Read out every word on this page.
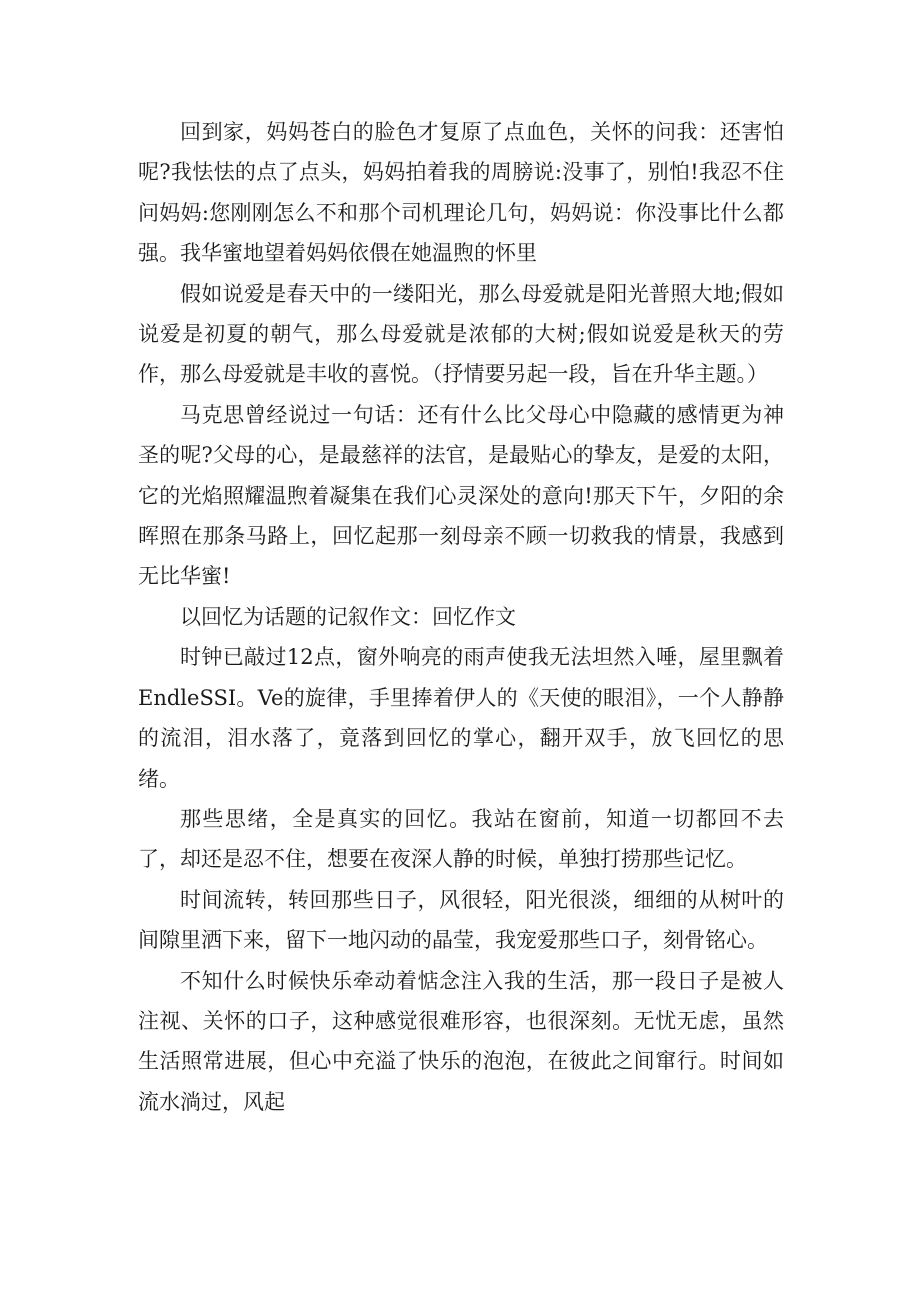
回到家，妈妈苍白的脸色才复原了点血色，关怀的问我：还害怕呢?我怯怯的点了点头，妈妈拍着我的周膀说:没事了，别怕!我忍不住问妈妈:您刚刚怎么不和那个司机理论几句，妈妈说：你没事比什么都强。我华蜜地望着妈妈依偎在她温煦的怀里

假如说爱是春天中的一缕阳光，那么母爱就是阳光普照大地;假如说爱是初夏的朝气，那么母爱就是浓郁的大树;假如说爱是秋天的劳作，那么母爱就是丰收的喜悦。（抒情要另起一段，旨在升华主题。）

马克思曾经说过一句话：还有什么比父母心中隐藏的感情更为神圣的呢?父母的心，是最慈祥的法官，是最贴心的挚友，是爱的太阳，它的光焰照耀温煦着凝集在我们心灵深处的意向!那天下午，夕阳的余晖照在那条马路上，回忆起那一刻母亲不顾一切救我的情景，我感到无比华蜜!

以回忆为话题的记叙作文：回忆作文

时钟已敲过12点，窗外响亮的雨声使我无法坦然入唾，屋里飘着EndleSSI。Ve的旋律，手里捧着伊人的《天使的眼泪》，一个人静静的流泪，泪水落了，竟落到回忆的掌心，翻开双手，放飞回忆的思绪。

那些思绪，全是真实的回忆。我站在窗前，知道一切都回不去了，却还是忍不住，想要在夜深人静的时候，单独打捞那些记忆。

时间流转，转回那些日子，风很轻，阳光很淡，细细的从树叶的间隙里洒下来，留下一地闪动的晶莹，我宠爱那些口子，刻骨铭心。

不知什么时候快乐牵动着惦念注入我的生活，那一段日子是被人注视、关怀的口子，这种感觉很难形容，也很深刻。无忧无虑，虽然生活照常进展，但心中充溢了快乐的泡泡，在彼此之间窜行。时间如流水淌过，风起
